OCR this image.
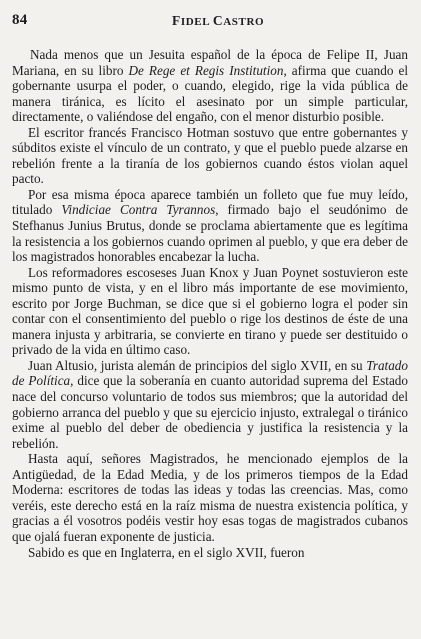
84	FIDEL CASTRO

Nada menos que un Jesuita español de la época de Felipe II, Juan Mariana, en su libro De Rege et Regis Institution, afirma que cuando el gobernante usurpa el poder, o cuando, elegido, rige la vida pública de manera tiránica, es lícito el asesinato por un simple particular, directamente, o valiéndose del engaño, con el menor disturbio posible.

El escritor francés Francisco Hotman sostuvo que entre gobernantes y súbditos existe el vínculo de un contrato, y que el pueblo puede alzarse en rebelión frente a la tiranía de los gobiernos cuando éstos violan aquel pacto.

Por esa misma época aparece también un folleto que fue muy leído, titulado Vindiciae Contra Tyrannos, firmado bajo el seudónimo de Stefhanus Junius Brutus, donde se proclama abiertamente que es legítima la resistencia a los gobiernos cuando oprimen al pueblo, y que era deber de los magistrados honorables encabezar la lucha.

Los reformadores escoseses Juan Knox y Juan Poynet sostuvieron este mismo punto de vista, y en el libro más importante de ese movimiento, escrito por Jorge Buchman, se dice que si el gobierno logra el poder sin contar con el consentimiento del pueblo o rige los destinos de éste de una manera injusta y arbitraria, se convierte en tirano y puede ser destituido o privado de la vida en último caso.

Juan Altusio, jurista alemán de principios del siglo XVII, en su Tratado de Política, dice que la soberanía en cuanto autoridad suprema del Estado nace del concurso voluntario de todos sus miembros; que la autoridad del gobierno arranca del pueblo y que su ejercicio injusto, extralegal o tiránico exime al pueblo del deber de obediencia y justifica la resistencia y la rebelión.

Hasta aquí, señores Magistrados, he mencionado ejemplos de la Antigüedad, de la Edad Media, y de los primeros tiempos de la Edad Moderna: escritores de todas las ideas y todas las creencias. Mas, como veréis, este derecho está en la raíz misma de nuestra existencia política, y gracias a él vosotros podéis vestir hoy esas togas de magistrados cubanos que ojalá fueran exponente de justicia.

Sabido es que en Inglaterra, en el siglo XVII, fueron
